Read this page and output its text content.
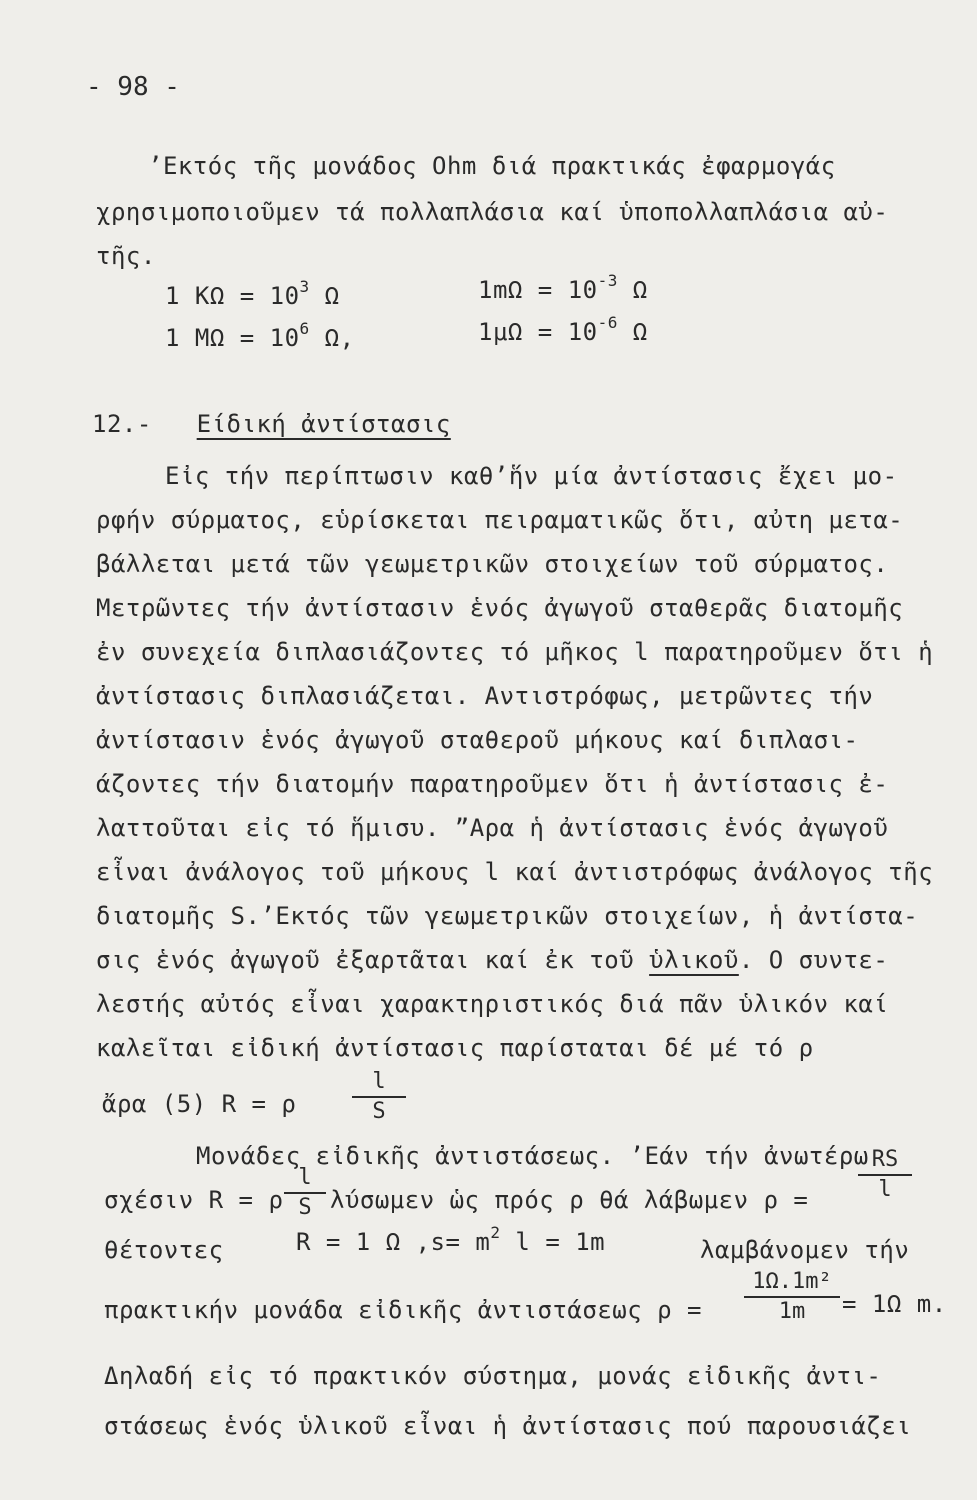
- 98 -
’Εκτός τῆς μονάδος Ohm διά πρακτικάς ἐφαρμογάς
χρησιμοποιοῦμεν τά πολλαπλάσια καί ὑποπολλαπλάσια αὐ-
τῆς.
1 $K\Omega = 10^3$ Ω	$1m\Omega = 10^{-3}$ Ω
1 $M\Omega = 10^6$ Ω,	$1\mu\Omega = 10^{-6}$ Ω
12.- Είδική ἀντίστασις
Εἰς τήν περίπτωσιν καθ’ἥν μία ἀντίστασις ἔχει μο-
ρφήν σύρματος, εὑρίσκεται πειραματικῶς ὅτι, αὐτη μετα-
βάλλεται μετά τῶν γεωμετρικῶν στοιχείων τοῦ σύρματος.
Μετρῶντες τήν ἀντίστασιν ἑνός ἀγωγοῦ σταθερᾶς διατομῆς
ἐν συνεχεία διπλασιάζοντες τό μῆκος l παρατηροῦμεν ὅτι ἡ
ἀντίστασις διπλασιάζεται. Αντιστρόφως, μετρῶντες τήν
ἀντίστασιν ἑνός ἀγωγοῦ σταθεροῦ μήκους καί διπλασι-
άζοντες τήν διατομήν παρατηροῦμεν ὅτι ἡ ἀντίστασις ἐ-
λαττοῦται εἰς τό ἥμισυ. ”Αρα ἡ ἀντίστασις ἑνός ἀγωγοῦ
εἶναι ἀνάλογος τοῦ μήκους l καί ἀντιστρόφως ἀνάλογος τῆς
διατομῆς S.’Εκτός τῶν γεωμετρικῶν στοιχείων, ἡ ἀντίστα-
σις ἑνός ἀγωγοῦ ἐξαρτᾶται καί ἐκ τοῦ ὑλικοῦ. Ο συντε-
λεστής αὐτός εἶναι χαρακτηριστικός διά πᾶν ὑλικόν καί
καλεῖται εἰδική ἀντίστασις παρίσταται δέ μέ τό ρ
ἄρα (5) R = ρ
l
S
Μονάδες εἰδικῆς ἀντιστάσεως. ’Εάν τήν ἀνωτέρω
σχέσιν R = ρ
l
S λύσωμεν ὡς πρός ρ θά λάβωμεν ρ =
RS
l
θέτοντες	R = 1 Ω $,s= m^2$ l = 1m	λαμβάνομεν τήν
πρακτικήν μονάδα εἰδικῆς ἀντιστάσεως ρ =
1Ω.1m²
1m	= 1Ω m.
Δηλαδή εἰς τό πρακτικόν σύστημα, μονάς εἰδικῆς ἀντι-
στάσεως ἑνός ὑλικοῦ εἶναι ἡ ἀντίστασις πού παρουσιάζει
